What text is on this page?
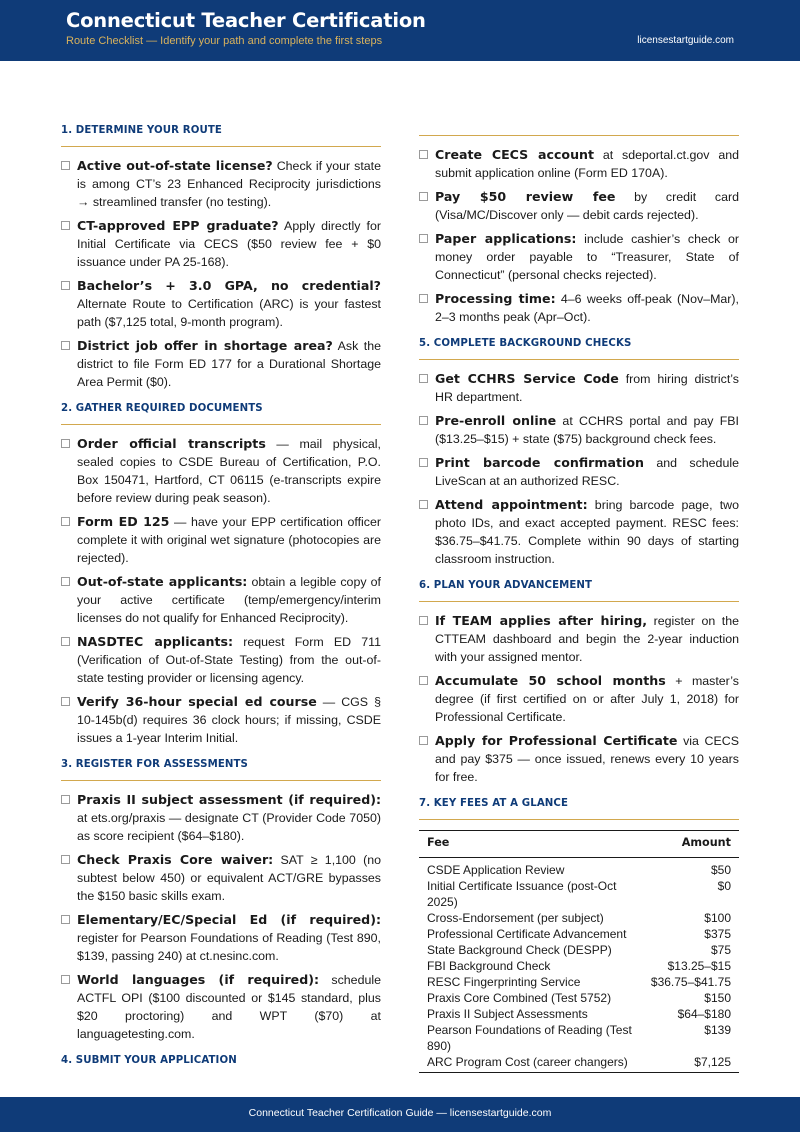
Connecticut Teacher Certification
Route Checklist — Identify your path and complete the first steps	licensestartguide.com
1. DETERMINE YOUR ROUTE
Active out-of-state license? Check if your state is among CT’s 23 Enhanced Reciprocity jurisdictions → streamlined transfer (no testing).
CT-approved EPP graduate? Apply directly for Initial Certificate via CECS ($50 review fee + $0 issuance under PA 25-168).
Bachelor’s + 3.0 GPA, no credential? Alternate Route to Certification (ARC) is your fastest path ($7,125 total, 9-month program).
District job offer in shortage area? Ask the district to file Form ED 177 for a Durational Shortage Area Permit ($0).
2. GATHER REQUIRED DOCUMENTS
Order official transcripts — mail physical, sealed copies to CSDE Bureau of Certification, P.O. Box 150471, Hartford, CT 06115 (e-transcripts expire before review during peak season).
Form ED 125 — have your EPP certification officer complete it with original wet signature (photocopies are rejected).
Out-of-state applicants: obtain a legible copy of your active certificate (temp/emergency/interim licenses do not qualify for Enhanced Reciprocity).
NASDTEC applicants: request Form ED 711 (Verification of Out-of-State Testing) from the out-of-state testing provider or licensing agency.
Verify 36-hour special ed course — CGS § 10-145b(d) requires 36 clock hours; if missing, CSDE issues a 1-year Interim Initial.
3. REGISTER FOR ASSESSMENTS
Praxis II subject assessment (if required): at ets.org/praxis — designate CT (Provider Code 7050) as score recipient ($64–$180).
Check Praxis Core waiver: SAT ≥ 1,100 (no subtest below 450) or equivalent ACT/GRE bypasses the $150 basic skills exam.
Elementary/EC/Special Ed (if required): register for Pearson Foundations of Reading (Test 890, $139, passing 240) at ct.nesinc.com.
World languages (if required): schedule ACTFL OPI ($100 discounted or $145 standard, plus $20 proctoring) and WPT ($70) at languagetesting.com.
4. SUBMIT YOUR APPLICATION
Create CECS account at sdeportal.ct.gov and submit application online (Form ED 170A).
Pay $50 review fee by credit card (Visa/MC/Discover only — debit cards rejected).
Paper applications: include cashier’s check or money order payable to “Treasurer, State of Connecticut” (personal checks rejected).
Processing time: 4–6 weeks off-peak (Nov–Mar), 2–3 months peak (Apr–Oct).
5. COMPLETE BACKGROUND CHECKS
Get CCHRS Service Code from hiring district’s HR department.
Pre-enroll online at CCHRS portal and pay FBI ($13.25–$15) + state ($75) background check fees.
Print barcode confirmation and schedule LiveScan at an authorized RESC.
Attend appointment: bring barcode page, two photo IDs, and exact accepted payment. RESC fees: $36.75–$41.75. Complete within 90 days of starting classroom instruction.
6. PLAN YOUR ADVANCEMENT
If TEAM applies after hiring, register on the CTTEAM dashboard and begin the 2-year induction with your assigned mentor.
Accumulate 50 school months + master’s degree (if first certified on or after July 1, 2018) for Professional Certificate.
Apply for Professional Certificate via CECS and pay $375 — once issued, renews every 10 years for free.
7. KEY FEES AT A GLANCE
Fee	Amount
CSDE Application Review	$50
Initial Certificate Issuance (post-Oct 2025)	$0
Cross-Endorsement (per subject)	$100
Professional Certificate Advancement	$375
State Background Check (DESPP)	$75
FBI Background Check	$13.25–$15
RESC Fingerprinting Service	$36.75–$41.75
Praxis Core Combined (Test 5752)	$150
Praxis II Subject Assessments	$64–$180
Pearson Foundations of Reading (Test 890)	$139
ARC Program Cost (career changers)	$7,125
Connecticut Teacher Certification Guide — licensestartguide.com
